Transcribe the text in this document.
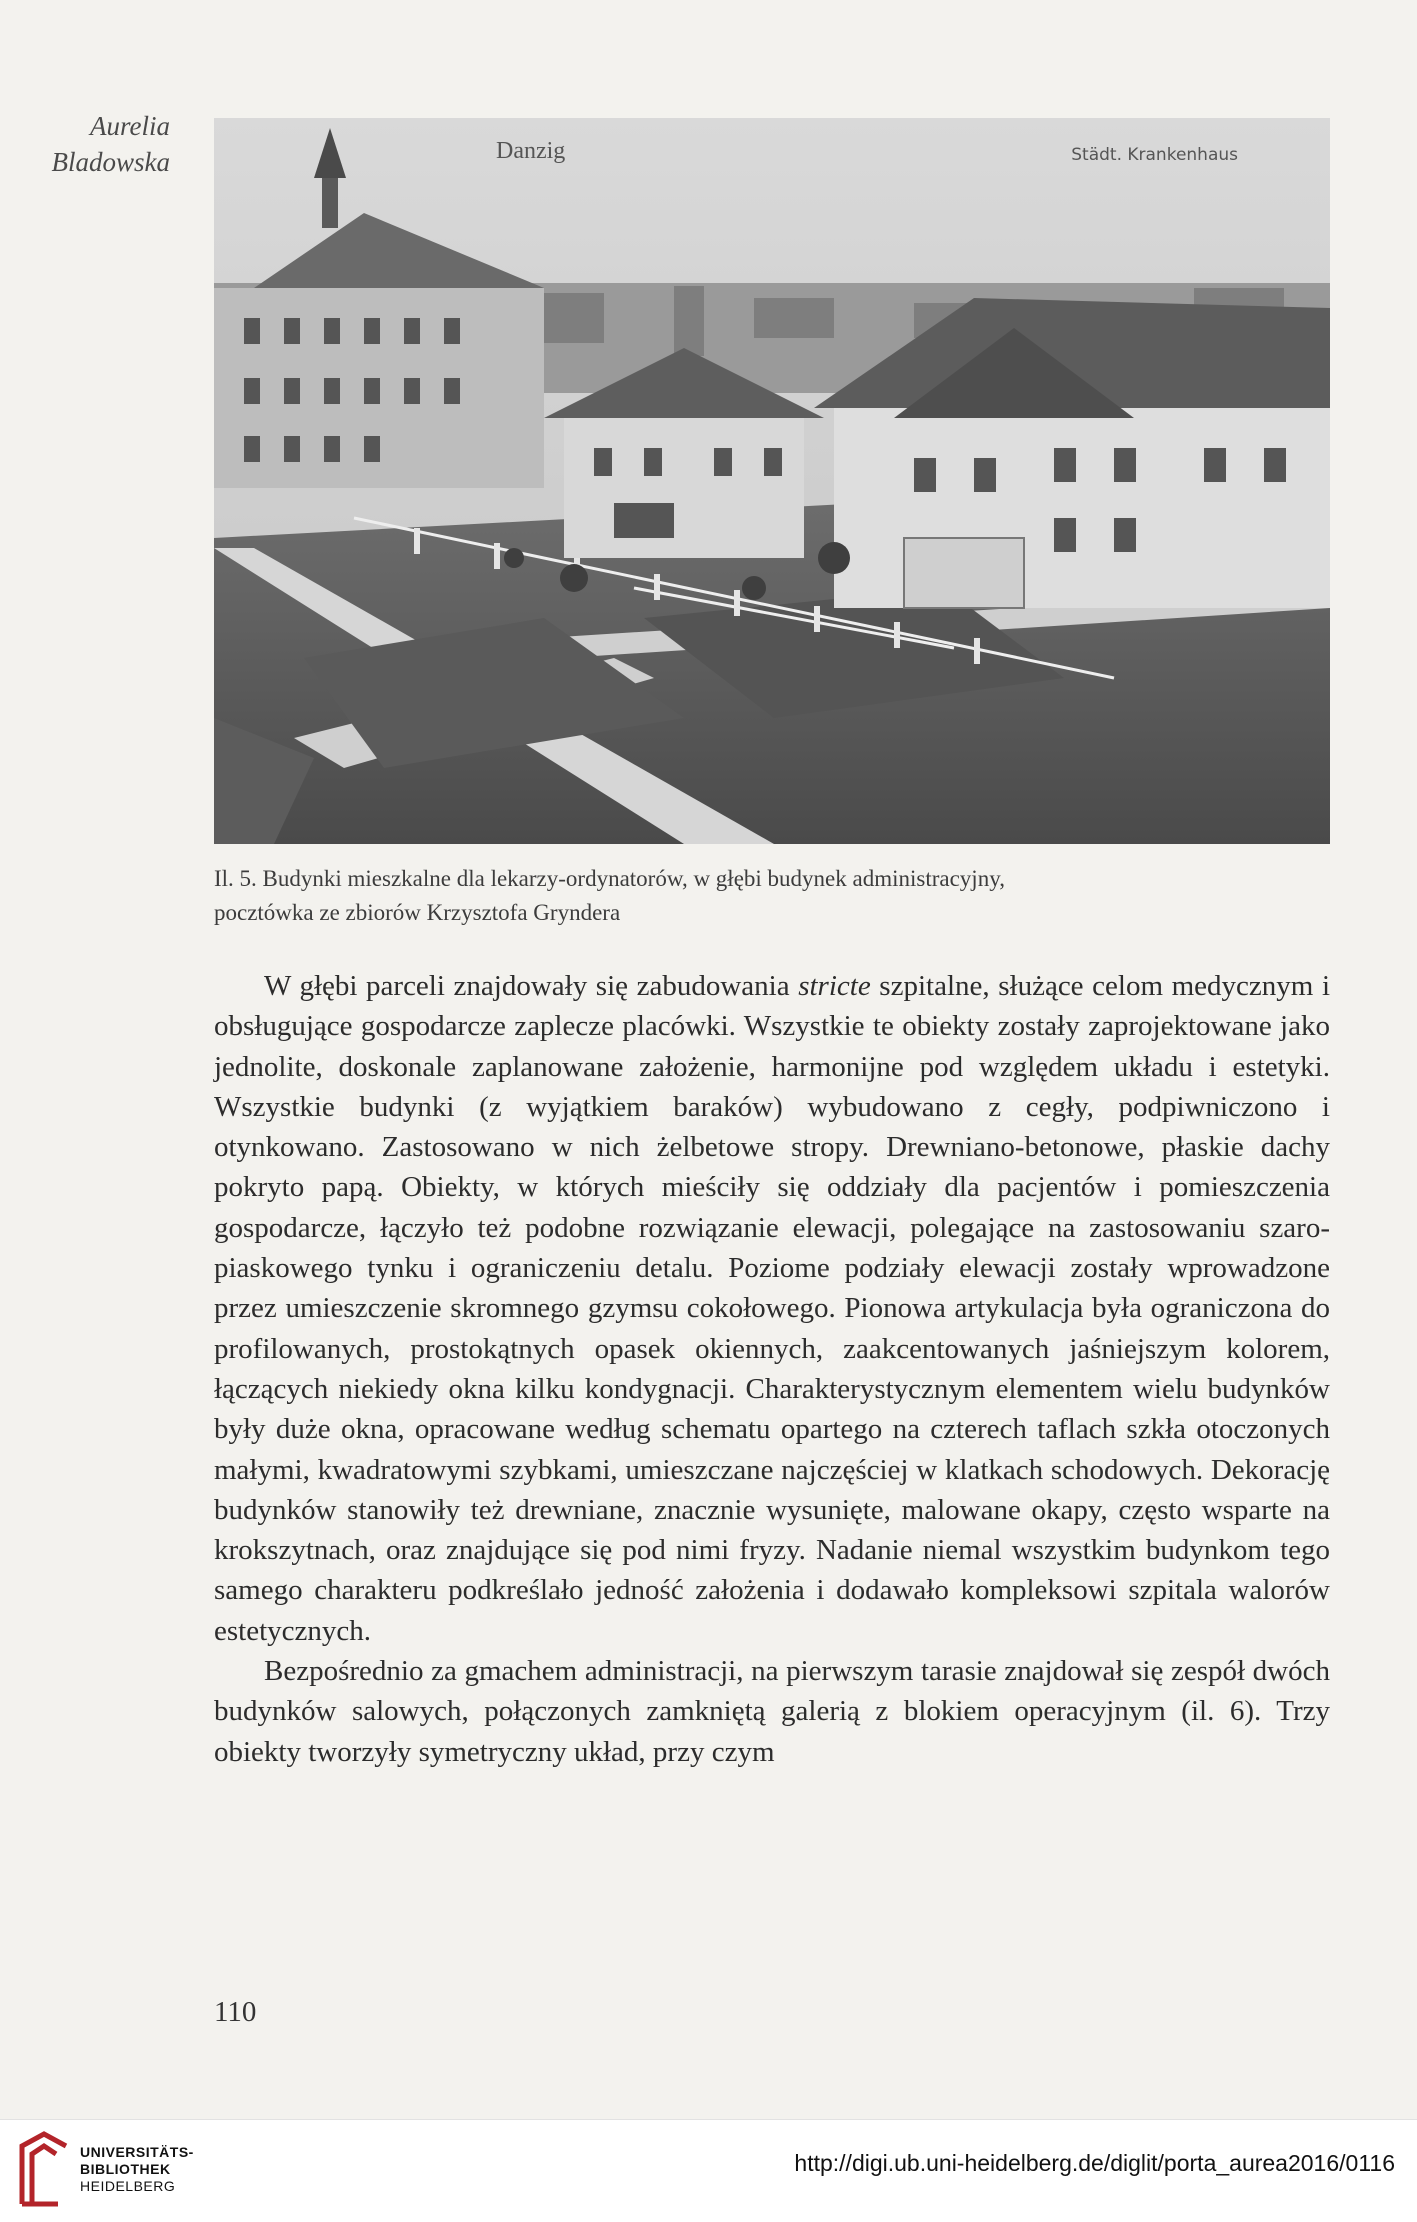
Aurelia
Bladowska	Danzig	Städt. Krankenhaus
Il. 5. Budynki mieszkalne dla lekarzy-ordynatorów, w głębi budynek administracyjny,
pocztówka ze zbiorów Krzysztofa Gryndera

W głębi parceli znajdowały się zabudowania stricte szpitalne, służące celom medycznym i obsługujące gospodarcze zaplecze placówki. Wszystkie te obiekty zostały zaprojektowane jako jednolite, doskonale zaplanowane założenie, harmonijne pod względem układu i estetyki. Wszystkie budynki (z wyjątkiem baraków) wybudowano z cegły, podpiwniczono i otynkowano. Zastosowano w nich żelbetowe stropy. Drewniano-betonowe, płaskie dachy pokryto papą. Obiekty, w których mieściły się oddziały dla pacjentów i pomieszczenia gospodarcze, łączyło też podobne rozwiązanie elewacji, polegające na zastosowaniu szaro-piaskowego tynku i ograniczeniu detalu. Poziome podziały elewacji zostały wprowadzone przez umieszczenie skromnego gzymsu cokołowego. Pionowa artykulacja była ograniczona do profilowanych, prostokątnych opasek okiennych, zaakcentowanych jaśniejszym kolorem, łączących niekiedy okna kilku kondygnacji. Charakterystycznym elementem wielu budynków były duże okna, opracowane według schematu opartego na czterech taflach szkła otoczonych małymi, kwadratowymi szybkami, umieszczane najczęściej w klatkach schodowych. Dekorację budynków stanowiły też drewniane, znacznie wysunięte, malowane okapy, często wsparte na krokszytnach, oraz znajdujące się pod nimi fryzy. Nadanie niemal wszystkim budynkom tego samego charakteru podkreślało jedność założenia i dodawało kompleksowi szpitala walorów estetycznych.

Bezpośrednio za gmachem administracji, na pierwszym tarasie znajdował się zespół dwóch budynków salowych, połączonych zamkniętą galerią z blokiem operacyjnym (il. 6). Trzy obiekty tworzyły symetryczny układ, przy czym

110
UNIVERSITÄTS-
BIBLIOTHEK
HEIDELBERG
http://digi.ub.uni-heidelberg.de/diglit/porta_aurea2016/0116
